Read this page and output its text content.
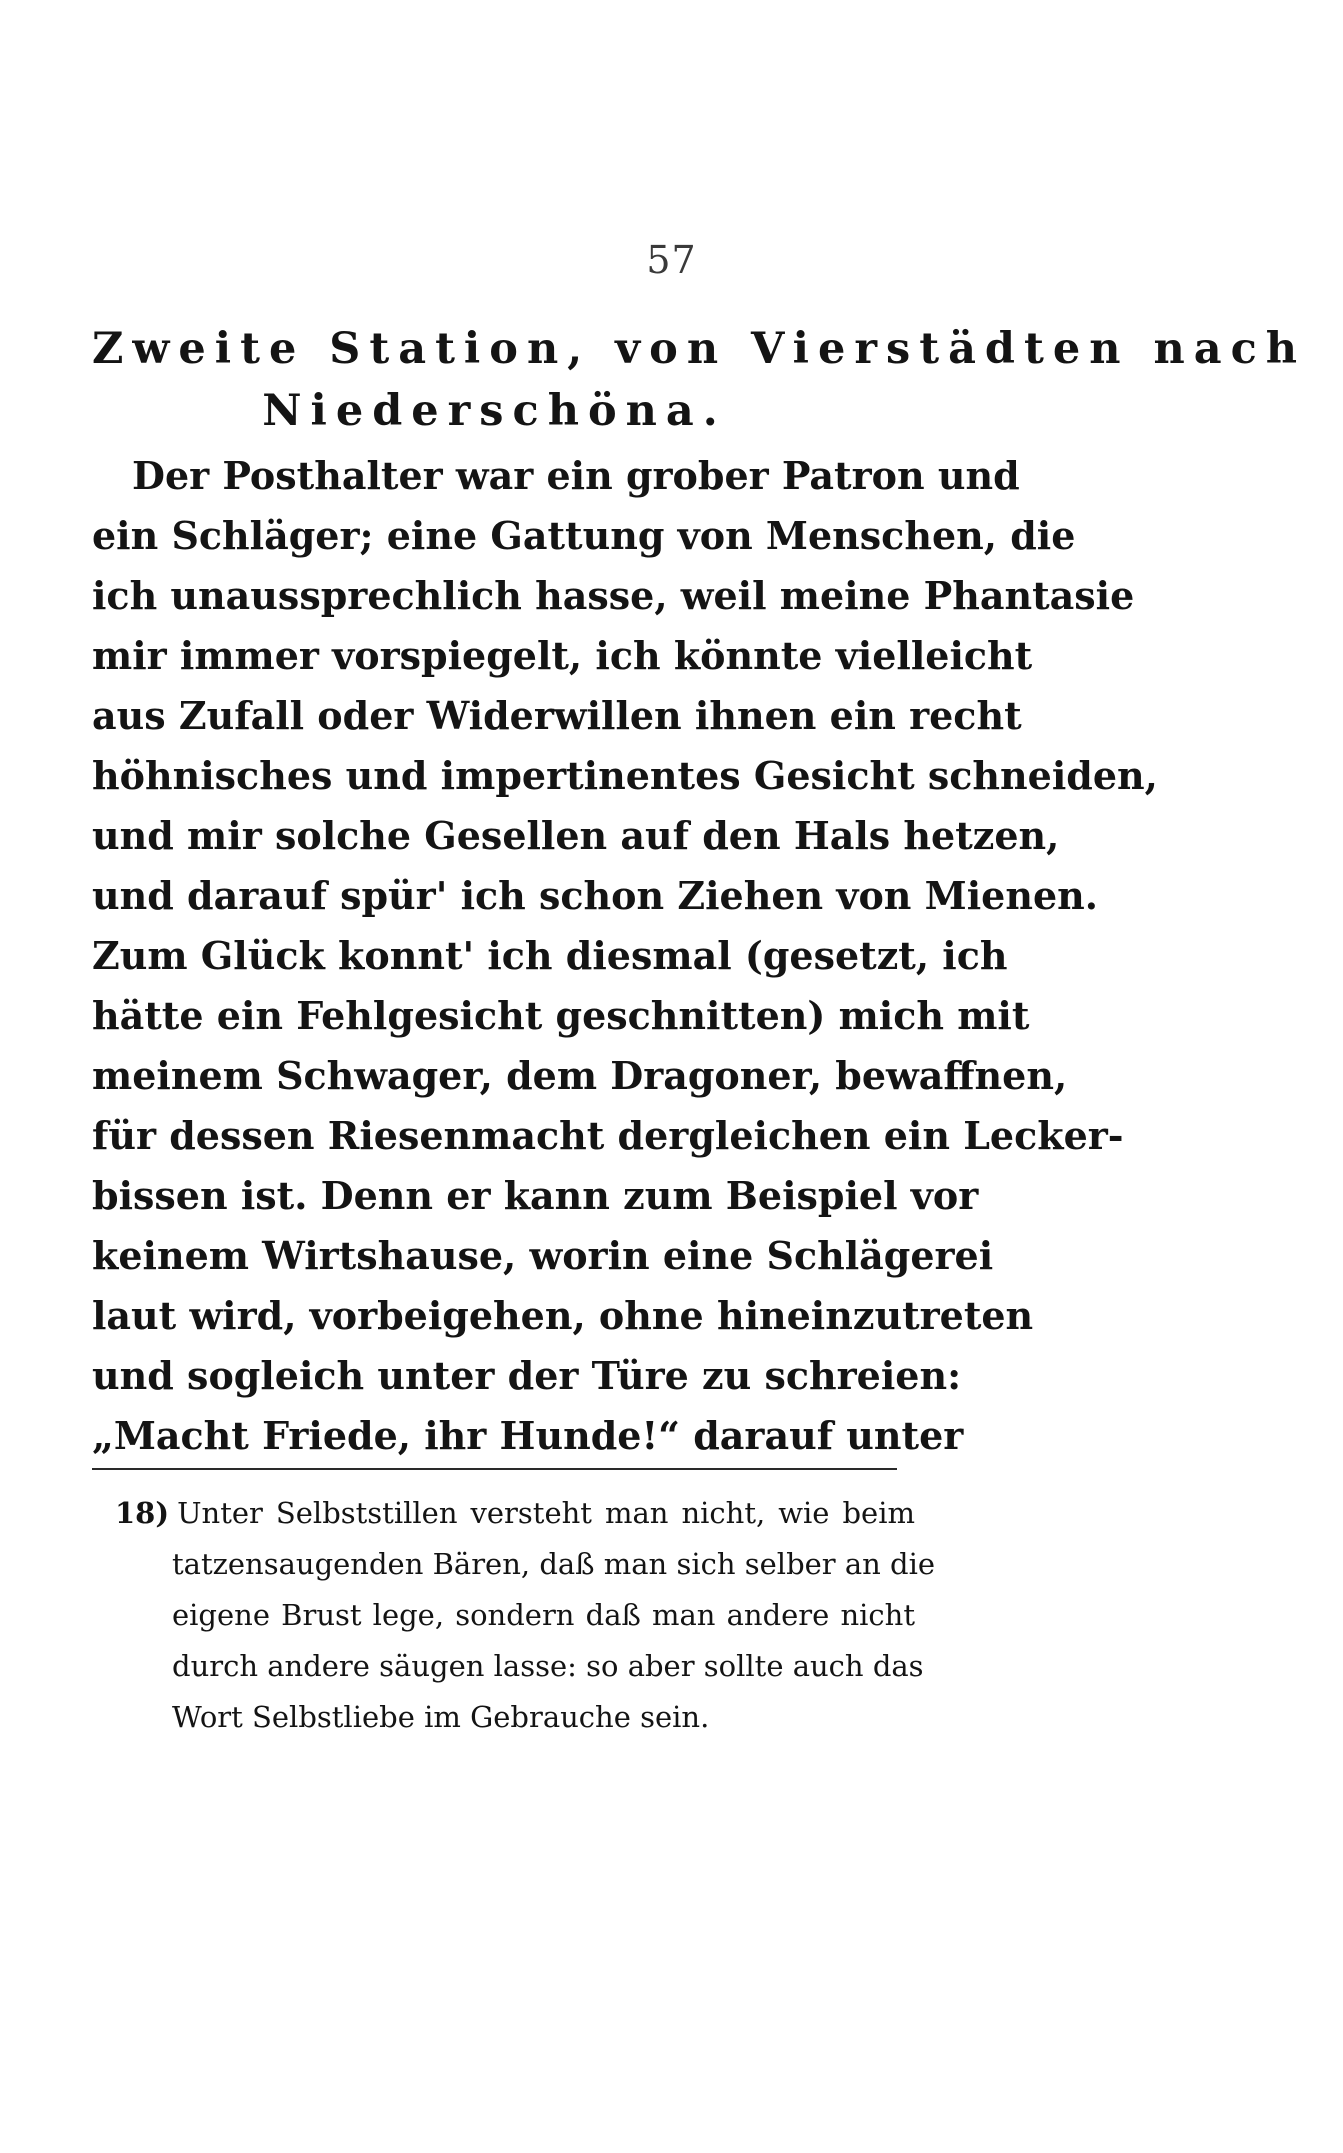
57
Zweite Station, von Vierstädten nach
Niederschöna.
Der Posthalter war ein grober Patron und
ein Schläger; eine Gattung von Menschen, die
ich unaussprechlich hasse, weil meine Phantasie
mir immer vorspiegelt, ich könnte vielleicht
aus Zufall oder Widerwillen ihnen ein recht
höhnisches und impertinentes Gesicht schneiden,
und mir solche Gesellen auf den Hals hetzen,
und darauf spür' ich schon Ziehen von Mienen.
Zum Glück konnt' ich diesmal (gesetzt, ich
hätte ein Fehlgesicht geschnitten) mich mit
meinem Schwager, dem Dragoner, bewaffnen,
für dessen Riesenmacht dergleichen ein Lecker-
bissen ist. Denn er kann zum Beispiel vor
keinem Wirtshause, worin eine Schlägerei
laut wird, vorbeigehen, ohne hineinzutreten
und sogleich unter der Türe zu schreien:
„Macht Friede, ihr Hunde!“ darauf unter
18) Unter Selbststillen versteht man nicht, wie beim
tatzensaugenden Bären, daß man sich selber an die
eigene Brust lege, sondern daß man andere nicht
durch andere säugen lasse: so aber sollte auch das
Wort Selbstliebe im Gebrauche sein.
